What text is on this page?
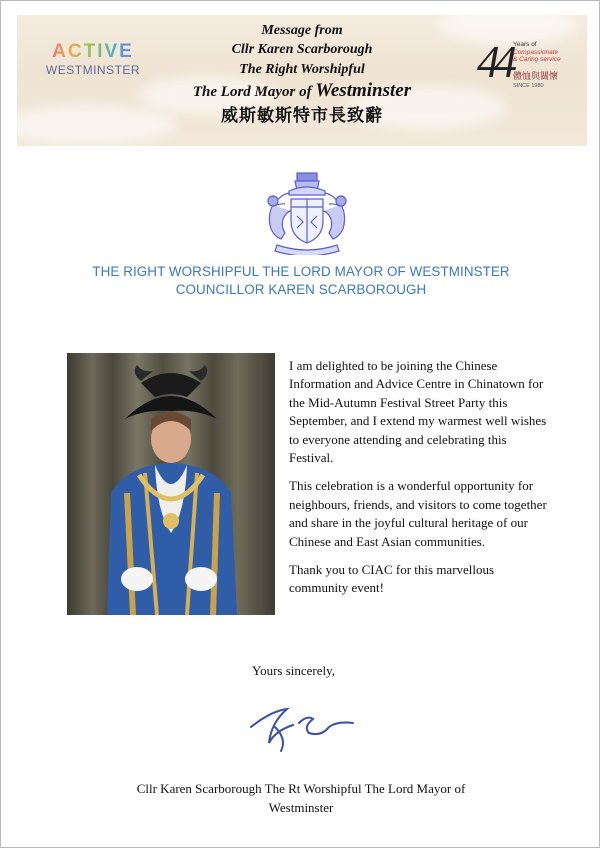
ACTIVE
WESTMINSTER
Message from
Cllr Karen Scarborough
The Right Worshipful
The Lord Mayor of Westminster
威斯敏斯特市長致辭
44 Years of
Compassionate
& Caring service
體恤與關懷
SINCE 1980
THE RIGHT WORSHIPFUL THE LORD MAYOR OF WESTMINSTER
COUNCILLOR KAREN SCARBOROUGH

I am delighted to be joining the Chinese Information and Advice Centre in Chinatown for the Mid-Autumn Festival Street Party this September, and I extend my warmest well wishes to everyone attending and celebrating this Festival.

This celebration is a wonderful opportunity for neighbours, friends, and visitors to come together and share in the joyful cultural heritage of our Chinese and East Asian communities.

Thank you to CIAC for this marvellous community event!

Yours sincerely,
Cllr Karen Scarborough The Rt Worshipful The Lord Mayor of
Westminster
